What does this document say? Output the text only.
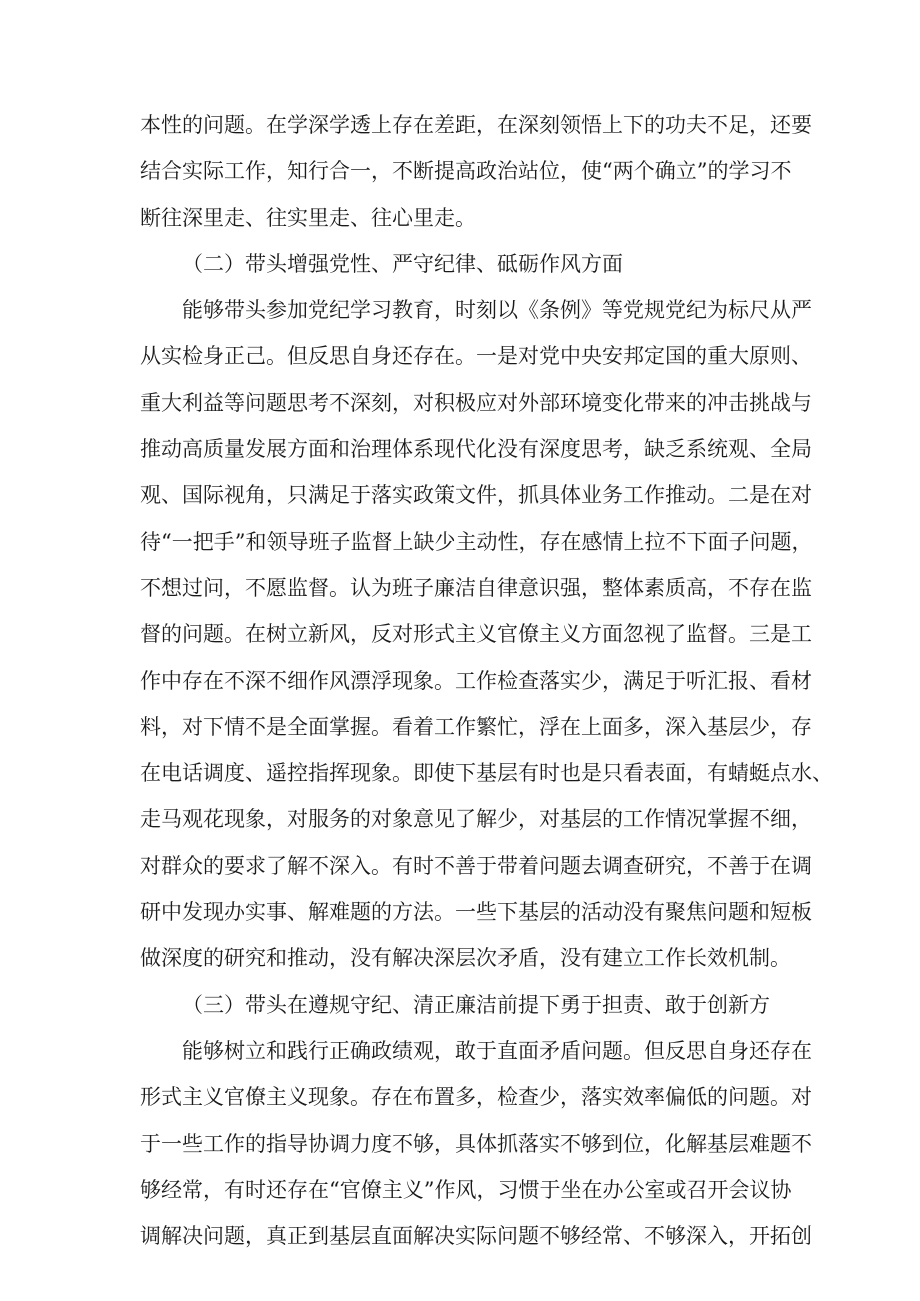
本性的问题。在学深学透上存在差距，在深刻领悟上下的功夫不足，还要
结合实际工作，知行合一，不断提高政治站位，使“两个确立”的学习不
断往深里走、往实里走、往心里走。
（二）带头增强党性、严守纪律、砥砺作风方面
能够带头参加党纪学习教育，时刻以《条例》等党规党纪为标尺从严
从实检身正己。但反思自身还存在。一是对党中央安邦定国的重大原则、
重大利益等问题思考不深刻，对积极应对外部环境变化带来的冲击挑战与
推动高质量发展方面和治理体系现代化没有深度思考，缺乏系统观、全局
观、国际视角，只满足于落实政策文件，抓具体业务工作推动。二是在对
待“一把手”和领导班子监督上缺少主动性，存在感情上拉不下面子问题，
不想过问，不愿监督。认为班子廉洁自律意识强，整体素质高，不存在监
督的问题。在树立新风，反对形式主义官僚主义方面忽视了监督。三是工
作中存在不深不细作风漂浮现象。工作检查落实少，满足于听汇报、看材
料，对下情不是全面掌握。看着工作繁忙，浮在上面多，深入基层少，存
在电话调度、遥控指挥现象。即使下基层有时也是只看表面，有蜻蜓点水、
走马观花现象，对服务的对象意见了解少，对基层的工作情况掌握不细，
对群众的要求了解不深入。有时不善于带着问题去调查研究，不善于在调
研中发现办实事、解难题的方法。一些下基层的活动没有聚焦问题和短板
做深度的研究和推动，没有解决深层次矛盾，没有建立工作长效机制。
（三）带头在遵规守纪、清正廉洁前提下勇于担责、敢于创新方
能够树立和践行正确政绩观，敢于直面矛盾问题。但反思自身还存在
形式主义官僚主义现象。存在布置多，检查少，落实效率偏低的问题。对
于一些工作的指导协调力度不够，具体抓落实不够到位，化解基层难题不
够经常，有时还存在“官僚主义”作风，习惯于坐在办公室或召开会议协
调解决问题，真正到基层直面解决实际问题不够经常、不够深入，开拓创
